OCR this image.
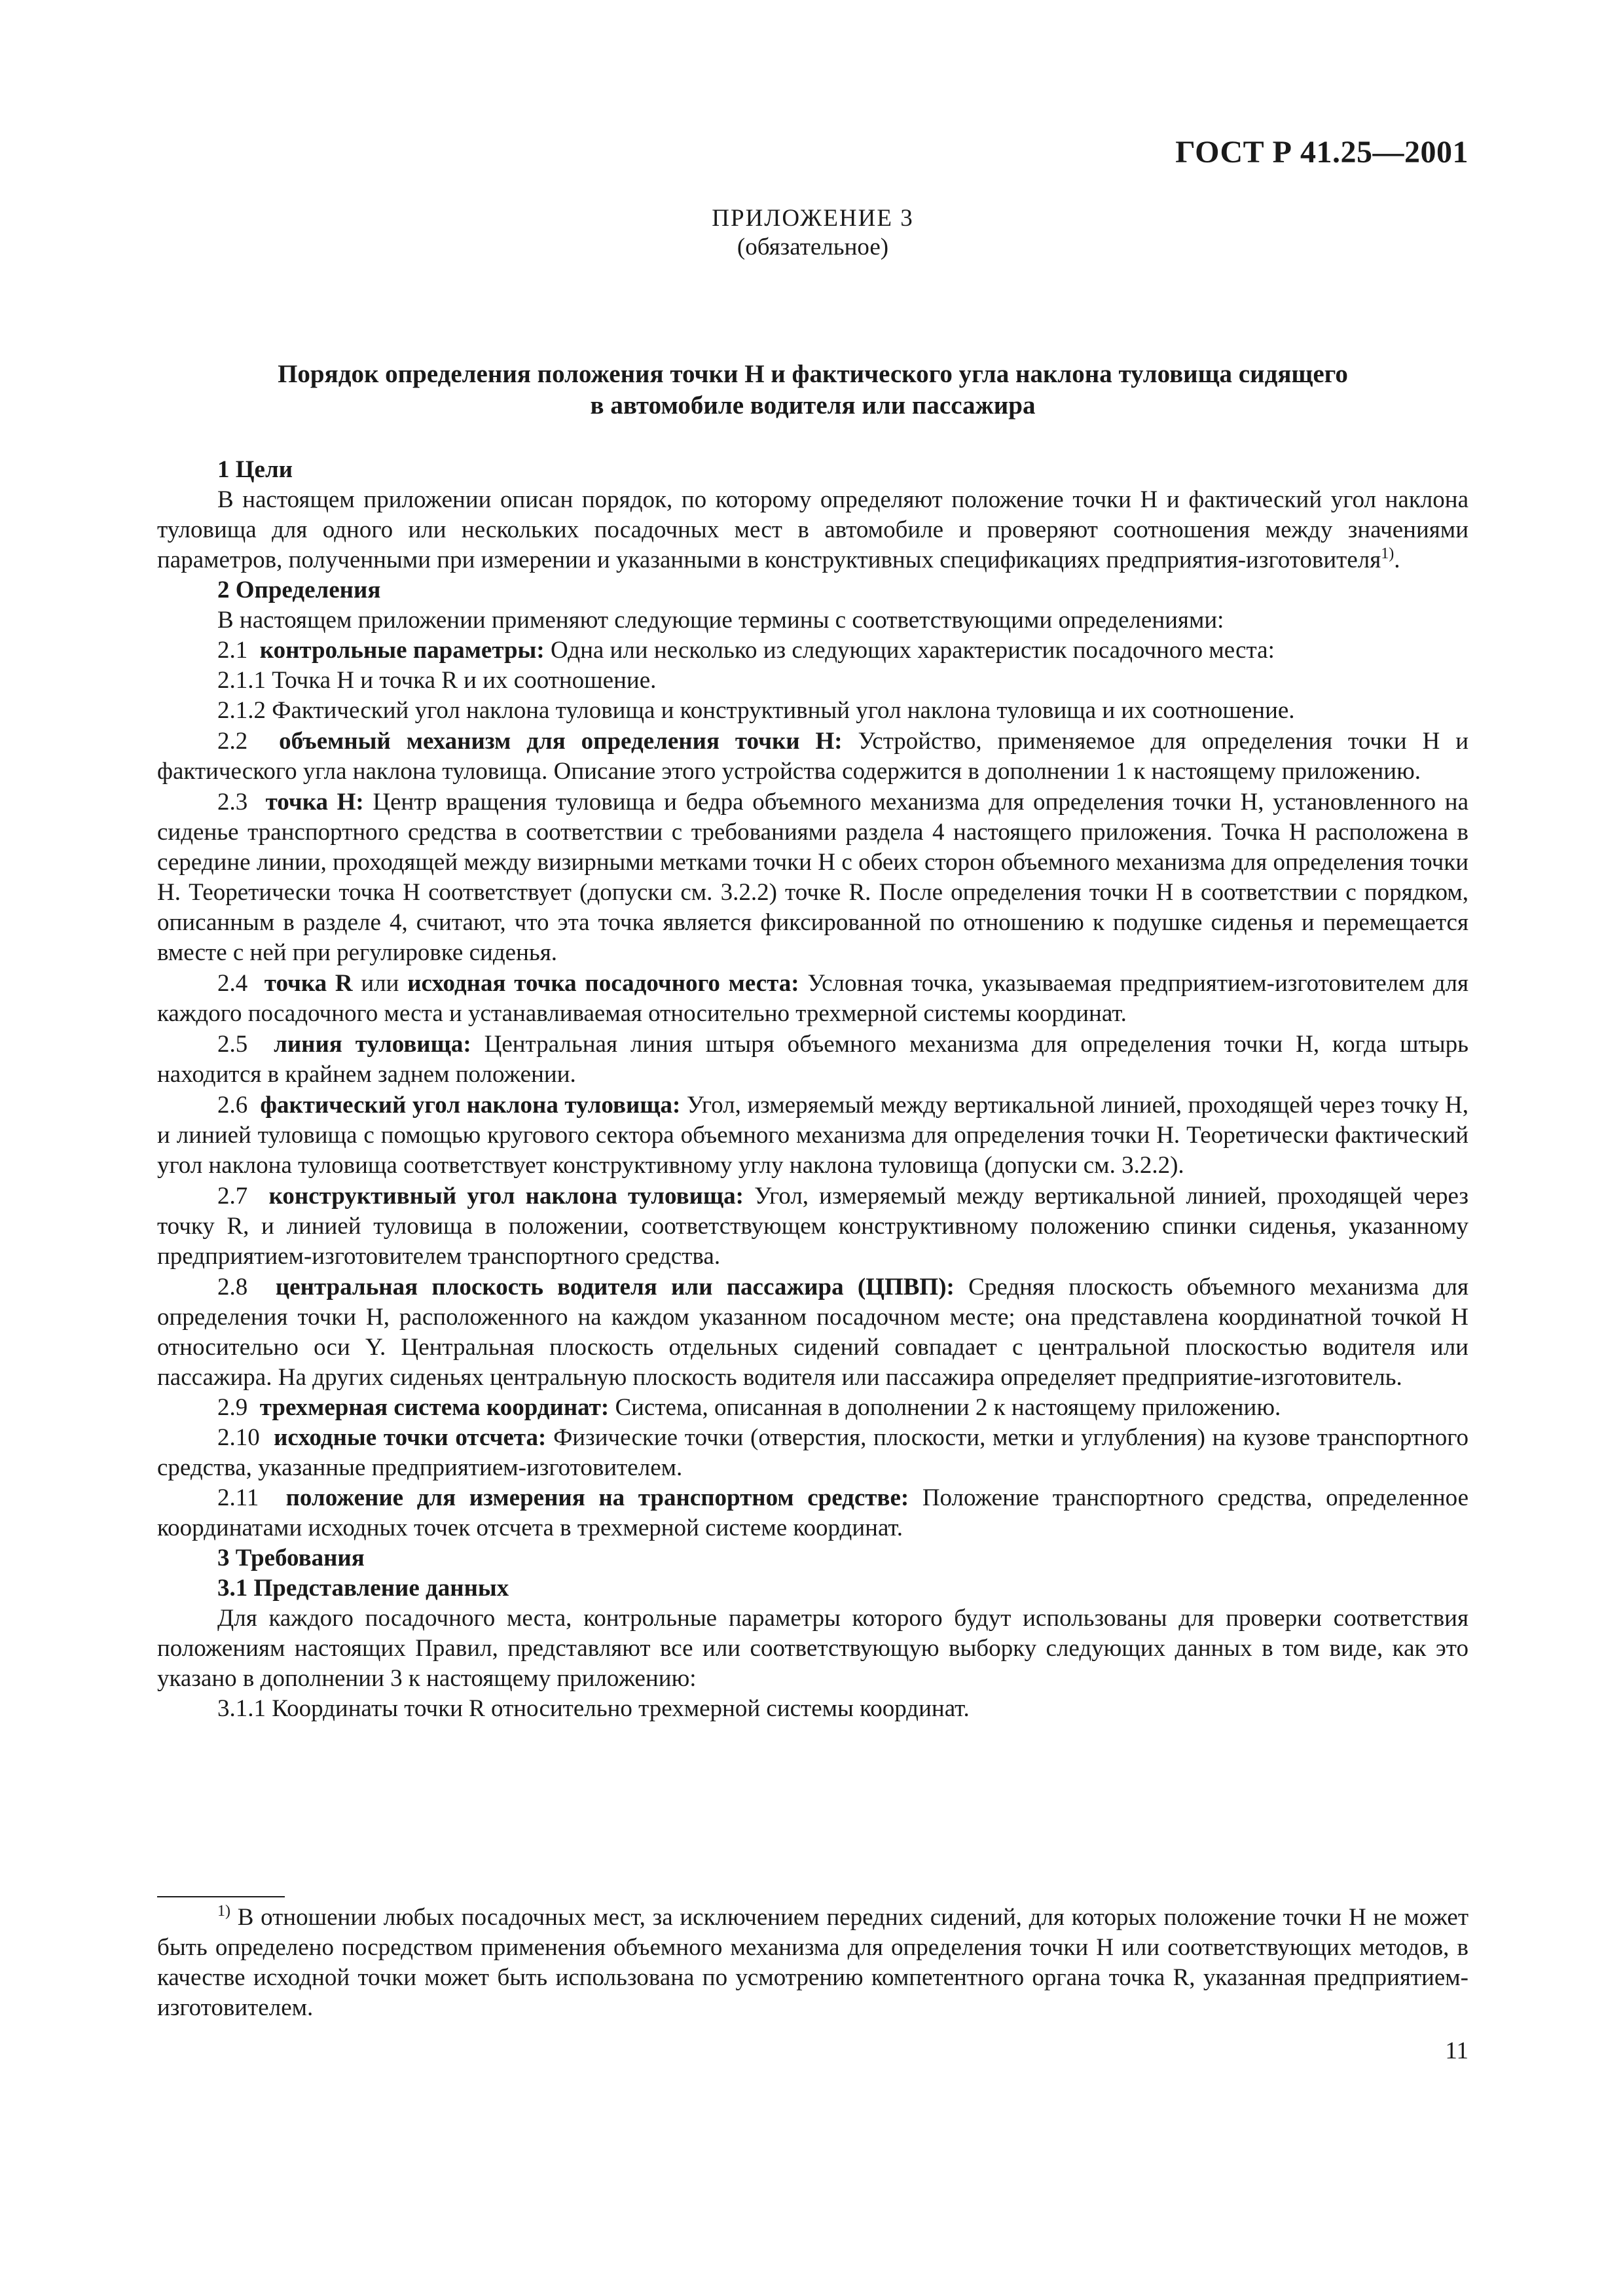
ГОСТ Р 41.25—2001
ПРИЛОЖЕНИЕ 3
(обязательное)
Порядок определения положения точки H и фактического угла наклона туловища сидящего
в автомобиле водителя или пассажира

1 Цели

В настоящем приложении описан порядок, по которому определяют положение точки H и фактический угол наклона туловища для одного или нескольких посадочных мест в автомобиле и проверяют соотношения между значениями параметров, полученными при измерении и указанными в конструктивных спецификациях предприятия-изготовителя$^{1)}$.

2 Определения

В настоящем приложении применяют следующие термины с соответствующими определениями:

2.1 контрольные параметры: Одна или несколько из следующих характеристик посадочного места:

2.1.1 Точка H и точка R и их соотношение.

2.1.2 Фактический угол наклона туловища и конструктивный угол наклона туловища и их соотношение.

2.2 объемный механизм для определения точки H: Устройство, применяемое для определения точки H и фактического угла наклона туловища. Описание этого устройства содержится в дополнении 1 к настоящему приложению.

2.3 точка H: Центр вращения туловища и бедра объемного механизма для определения точки H, установленного на сиденье транспортного средства в соответствии с требованиями раздела 4 настоящего приложения. Точка H расположена в середине линии, проходящей между визирными метками точки H с обеих сторон объемного механизма для определения точки H. Теоретически точка H соответствует (допуски см. 3.2.2) точке R. После определения точки H в соответствии с порядком, описанным в разделе 4, считают, что эта точка является фиксированной по отношению к подушке сиденья и перемещается вместе с ней при регулировке сиденья.

2.4 точка R или исходная точка посадочного места: Условная точка, указываемая предприятием-изготовителем для каждого посадочного места и устанавливаемая относительно трехмерной системы координат.

2.5 линия туловища: Центральная линия штыря объемного механизма для определения точки H, когда штырь находится в крайнем заднем положении.

2.6 фактический угол наклона туловища: Угол, измеряемый между вертикальной линией, проходящей через точку H, и линией туловища с помощью кругового сектора объемного механизма для определения точки H. Теоретически фактический угол наклона туловища соответствует конструктивному углу наклона туловища (допуски см. 3.2.2).

2.7 конструктивный угол наклона туловища: Угол, измеряемый между вертикальной линией, проходящей через точку R, и линией туловища в положении, соответствующем конструктивному положению спинки сиденья, указанному предприятием-изготовителем транспортного средства.

2.8 центральная плоскость водителя или пассажира (ЦПВП): Средняя плоскость объемного механизма для определения точки H, расположенного на каждом указанном посадочном месте; она представлена координатной точкой H относительно оси Y. Центральная плоскость отдельных сидений совпадает с центральной плоскостью водителя или пассажира. На других сиденьях центральную плоскость водителя или пассажира определяет предприятие-изготовитель.

2.9 трехмерная система координат: Система, описанная в дополнении 2 к настоящему приложению.

2.10 исходные точки отсчета: Физические точки (отверстия, плоскости, метки и углубления) на кузове транспортного средства, указанные предприятием-изготовителем.

2.11 положение для измерения на транспортном средстве: Положение транспортного средства, определенное координатами исходных точек отсчета в трехмерной системе координат.

3 Требования

3.1 Представление данных

Для каждого посадочного места, контрольные параметры которого будут использованы для проверки соответствия положениям настоящих Правил, представляют все или соответствующую выборку следующих данных в том виде, как это указано в дополнении 3 к настоящему приложению:

3.1.1 Координаты точки R относительно трехмерной системы координат.

$^{1)}$ В отношении любых посадочных мест, за исключением передних сидений, для которых положение точки H не может быть определено посредством применения объемного механизма для определения точки H или соответствующих методов, в качестве исходной точки может быть использована по усмотрению компетентного органа точка R, указанная предприятием-изготовителем.
11
